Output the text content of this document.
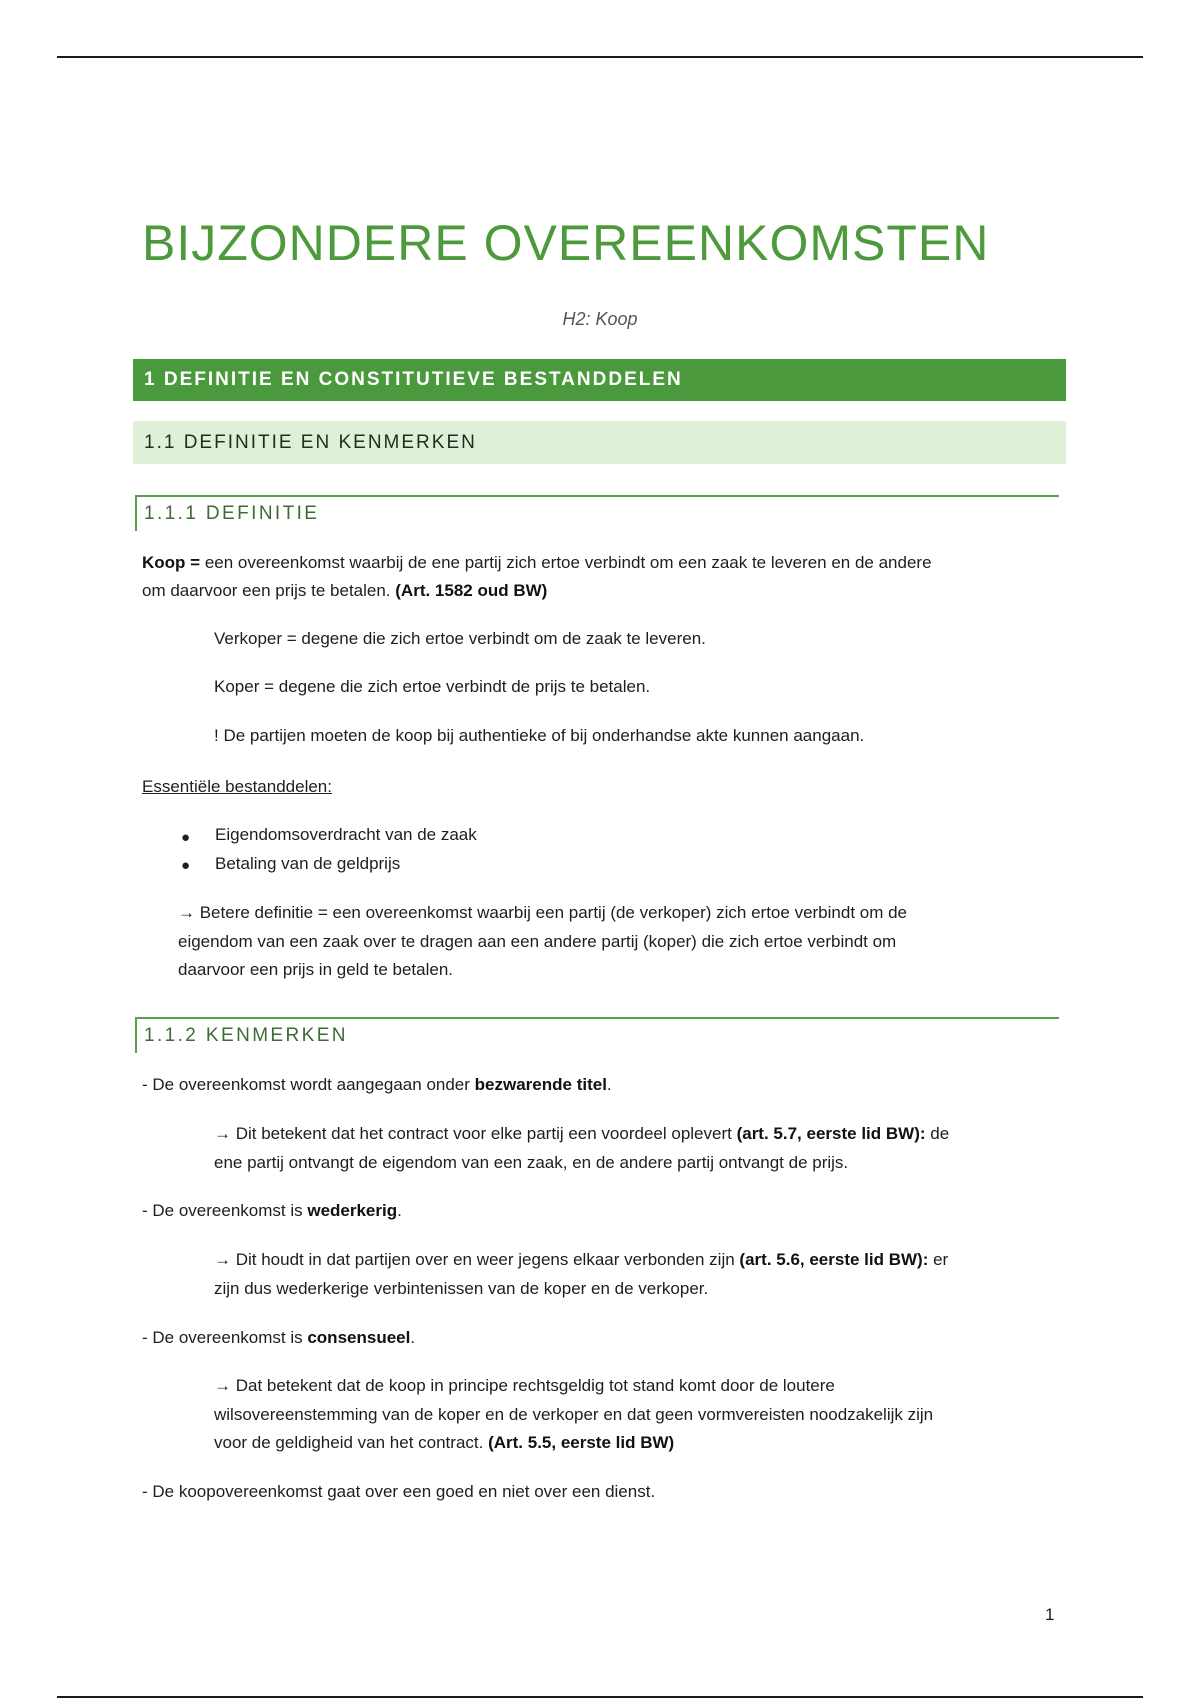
BIJZONDERE OVEREENKOMSTEN
H2: Koop
1 DEFINITIE EN CONSTITUTIEVE BESTANDDELEN
1.1 DEFINITIE EN KENMERKEN
1.1.1 DEFINITIE

Koop = een overeenkomst waarbij de ene partij zich ertoe verbindt om een zaak te leveren en de andere

om daarvoor een prijs te betalen. (Art. 1582 oud BW)

Verkoper = degene die zich ertoe verbindt om de zaak te leveren.

Koper = degene die zich ertoe verbindt de prijs te betalen.

! De partijen moeten de koop bij authentieke of bij onderhandse akte kunnen aangaan.

Essentiële bestanddelen:

● Eigendomsoverdracht van de zaak

● Betaling van de geldprijs

→ Betere definitie = een overeenkomst waarbij een partij (de verkoper) zich ertoe verbindt om de

eigendom van een zaak over te dragen aan een andere partij (koper) die zich ertoe verbindt om

daarvoor een prijs in geld te betalen.

1.1.2 KENMERKEN

- De overeenkomst wordt aangegaan onder bezwarende titel.

→ Dit betekent dat het contract voor elke partij een voordeel oplevert (art. 5.7, eerste lid BW): de

ene partij ontvangt de eigendom van een zaak, en de andere partij ontvangt de prijs.

- De overeenkomst is wederkerig.

→ Dit houdt in dat partijen over en weer jegens elkaar verbonden zijn (art. 5.6, eerste lid BW): er

zijn dus wederkerige verbintenissen van de koper en de verkoper.

- De overeenkomst is consensueel.

→ Dat betekent dat de koop in principe rechtsgeldig tot stand komt door de loutere

wilsovereenstemming van de koper en de verkoper en dat geen vormvereisten noodzakelijk zijn

voor de geldigheid van het contract. (Art. 5.5, eerste lid BW)

- De koopovereenkomst gaat over een goed en niet over een dienst.

1
